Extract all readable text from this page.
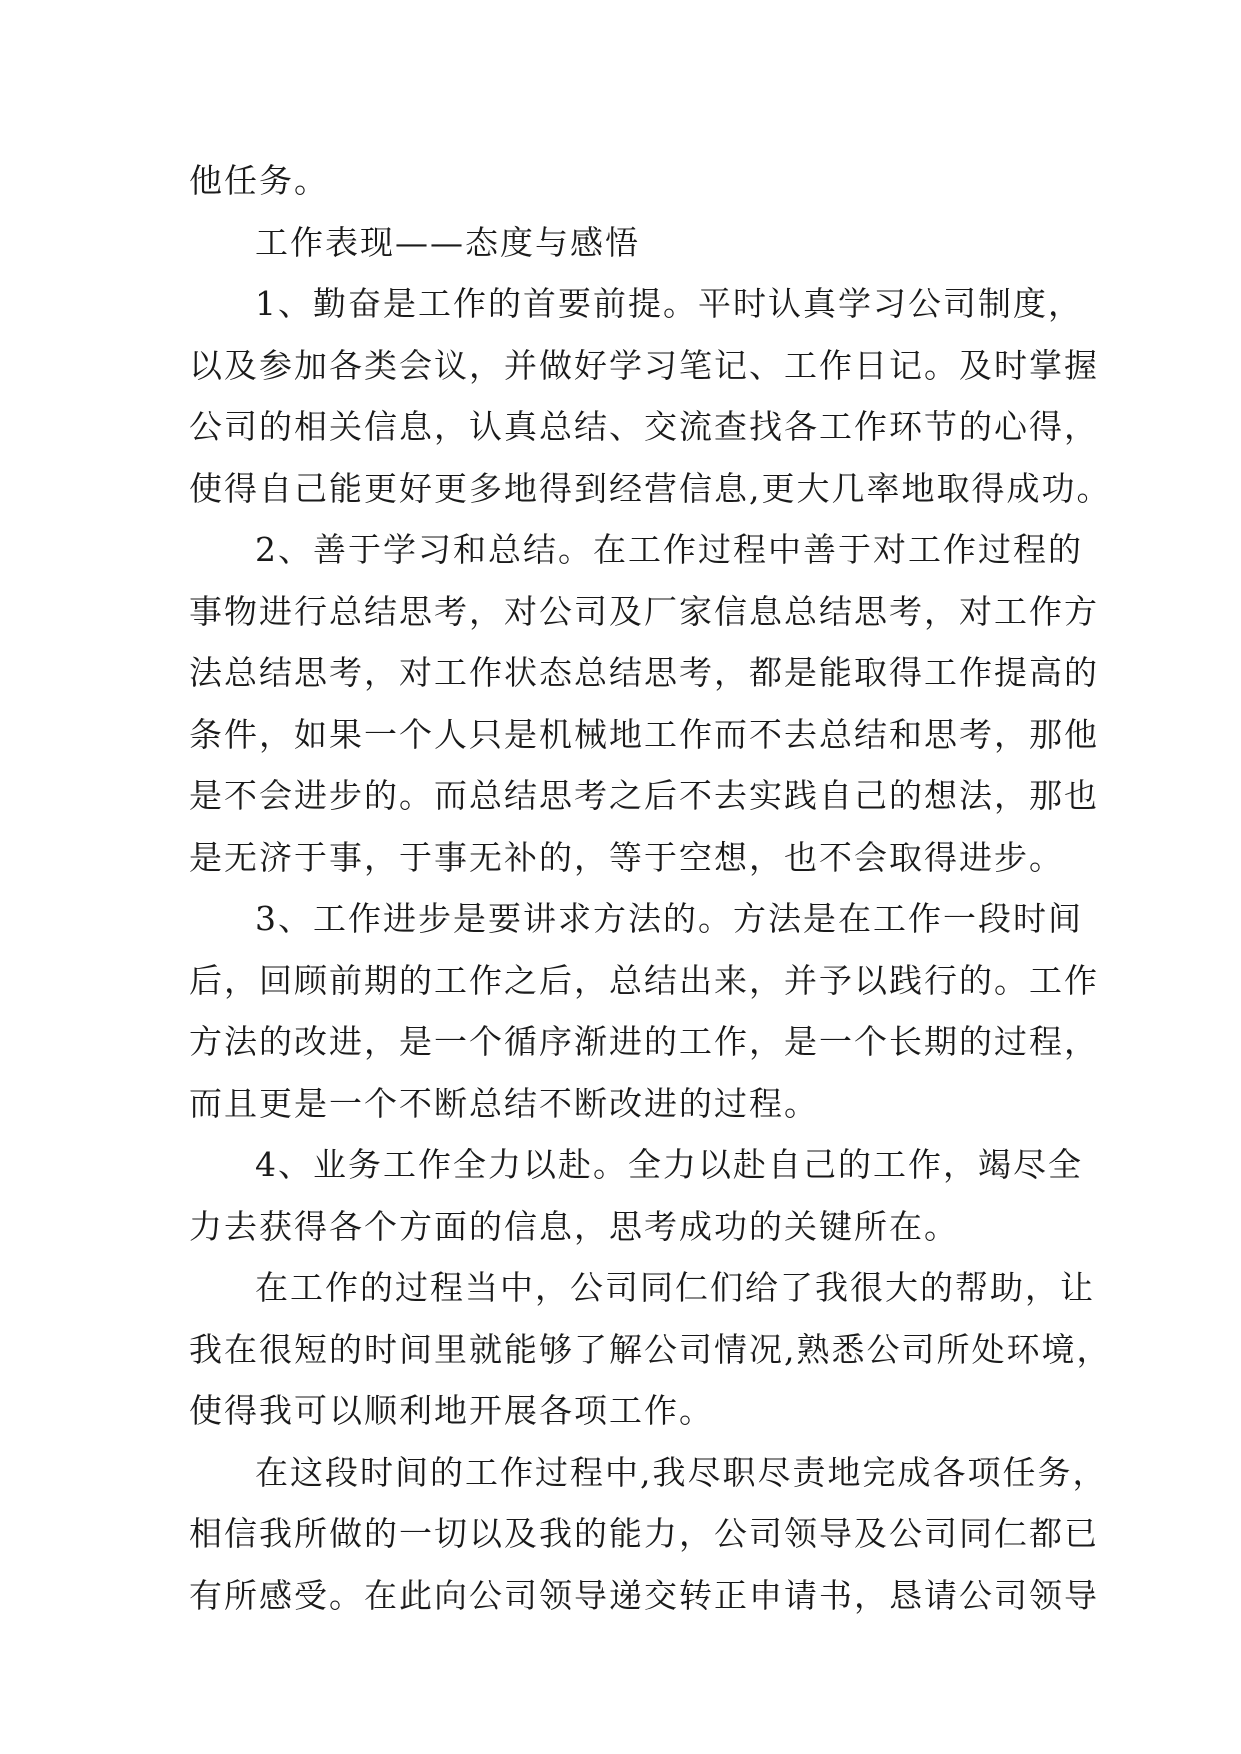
他任务。
工作表现——态度与感悟
1、勤奋是工作的首要前提。平时认真学习公司制度，
以及参加各类会议，并做好学习笔记、工作日记。及时掌握
公司的相关信息，认真总结、交流查找各工作环节的心得，
使得自己能更好更多地得到经营信息,更大几率地取得成功。
2、善于学习和总结。在工作过程中善于对工作过程的
事物进行总结思考，对公司及厂家信息总结思考，对工作方
法总结思考，对工作状态总结思考，都是能取得工作提高的
条件，如果一个人只是机械地工作而不去总结和思考，那他
是不会进步的。而总结思考之后不去实践自己的想法，那也
是无济于事，于事无补的，等于空想，也不会取得进步。
3、工作进步是要讲求方法的。方法是在工作一段时间
后，回顾前期的工作之后，总结出来，并予以践行的。工作
方法的改进，是一个循序渐进的工作，是一个长期的过程，
而且更是一个不断总结不断改进的过程。
4、业务工作全力以赴。全力以赴自己的工作，竭尽全
力去获得各个方面的信息，思考成功的关键所在。
在工作的过程当中，公司同仁们给了我很大的帮助，让
我在很短的时间里就能够了解公司情况,熟悉公司所处环境，
使得我可以顺利地开展各项工作。
在这段时间的工作过程中,我尽职尽责地完成各项任务，
相信我所做的一切以及我的能力，公司领导及公司同仁都已
有所感受。在此向公司领导递交转正申请书，恳请公司领导
